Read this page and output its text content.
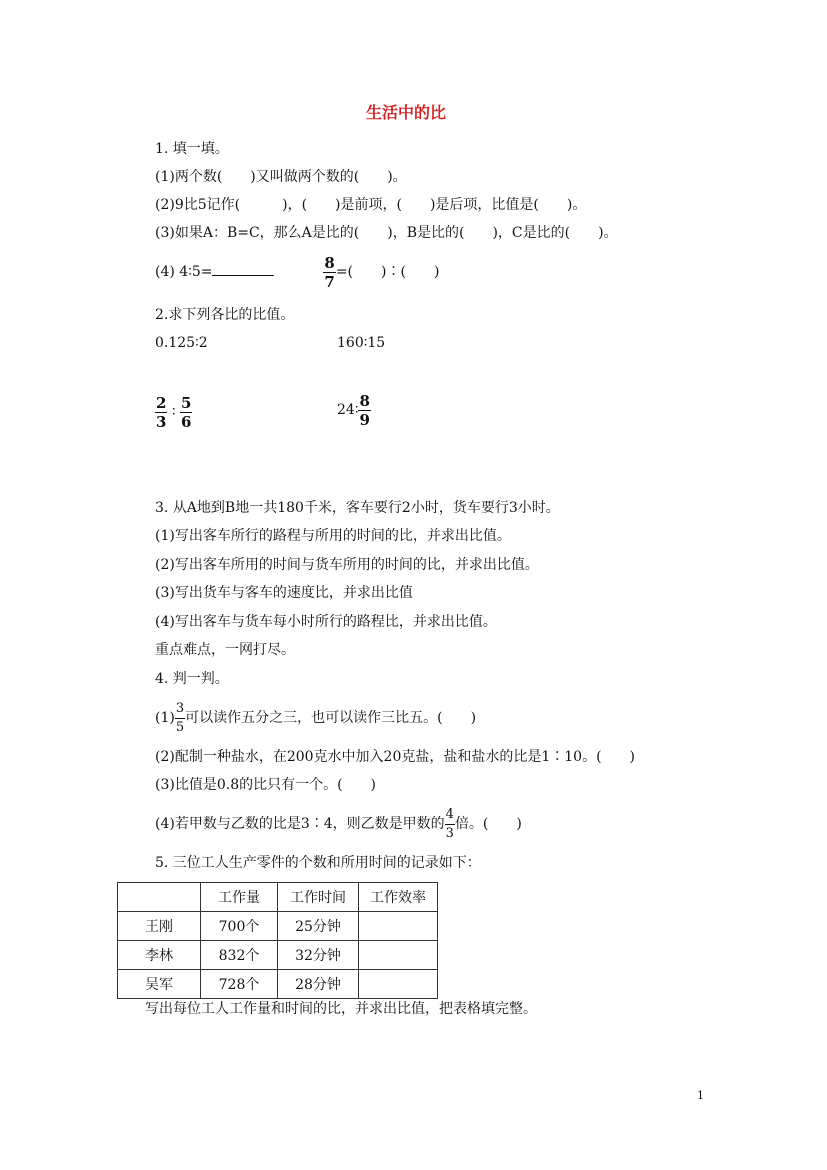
生活中的比
1. 填一填。
(1)两个数(　　)又叫做两个数的(　　)。
(2)9比5记作(　　　)，(　　)是前项，(　　)是后项，比值是(　　)。
(3)如果A：B=C，那么A是比的(　　)，B是比的(　　)，C是比的(　　)。
(4) 4∶5=	$\frac{8}{7}$ =(　　)∶(　　)
2.求下列各比的比值。
0.125∶2	160∶15
$\frac{2}{3}$ ∶ $\frac{5}{6}$	24∶ $\frac{8}{9}$
3. 从A地到B地一共180千米，客车要行2小时，货车要行3小时。
(1)写出客车所行的路程与所用的时间的比，并求出比值。
(2)写出客车所用的时间与货车所用的时间的比，并求出比值。
(3)写出货车与客车的速度比，并求出比值
(4)写出客车与货车每小时所行的路程比，并求出比值。
重点难点，一网打尽。
4. 判一判。
$(1) \frac{3}{5}$ 可以读作五分之三，也可以读作三比五。(　　)
(2)配制一种盐水，在200克水中加入20克盐，盐和盐水的比是1∶10。(　　)
(3)比值是0.8的比只有一个。(　　)
(4)若甲数与乙数的比是3∶4，则乙数是甲数的 $\frac{4}{3}$ 倍。(　　)
5. 三位工人生产零件的个数和所用时间的记录如下：
	工作量	工作时间	工作效率
王刚	700个	25分钟	
李林	832个	32分钟	
吴军	728个	28分钟	
写出每位工人工作量和时间的比，并求出比值，把表格填完整。
1
